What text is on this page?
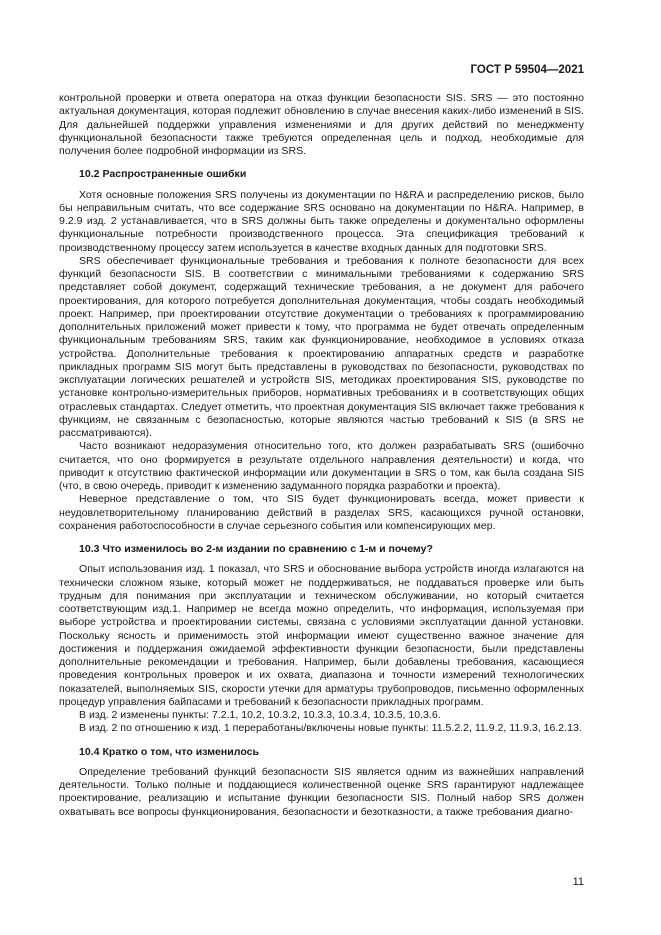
ГОСТ Р 59504—2021

контрольной проверки и ответа оператора на отказ функции безопасности SIS. SRS — это постоянно актуальная документация, которая подлежит обновлению в случае внесения каких-либо изменений в SIS. Для дальнейшей поддержки управления изменениями и для других действий по менеджменту функциональной безопасности также требуются определенная цель и подход, необходимые для получения более подробной информации из SRS.

10.2 Распространенные ошибки

Хотя основные положения SRS получены из документации по H&RA и распределению рисков, было бы неправильным считать, что все содержание SRS основано на документации по H&RA. Например, в 9.2.9 изд. 2 устанавливается, что в SRS должны быть также определены и документально оформлены функциональные потребности производственного процесса. Эта спецификация требований к производственному процессу затем используется в качестве входных данных для подготовки SRS.

SRS обеспечивает функциональные требования и требования к полноте безопасности для всех функций безопасности SIS. В соответствии с минимальными требованиями к содержанию SRS представляет собой документ, содержащий технические требования, а не документ для рабочего проектирования, для которого потребуется дополнительная документация, чтобы создать необходимый проект. Например, при проектировании отсутствие документации о требованиях к программированию дополнительных приложений может привести к тому, что программа не будет отвечать определенным функциональным требованиям SRS, таким как функционирование, необходимое в условиях отказа устройства. Дополнительные требования к проектированию аппаратных средств и разработке прикладных программ SIS могут быть представлены в руководствах по безопасности, руководствах по эксплуатации логических решателей и устройств SIS, методиках проектирования SIS, руководстве по установке контрольно-измерительных приборов, нормативных требованиях и в соответствующих общих отраслевых стандартах. Следует отметить, что проектная документация SIS включает также требования к функциям, не связанным с безопасностью, которые являются частью требований к SIS (в SRS не рассматриваются).

Часто возникают недоразумения относительно того, кто должен разрабатывать SRS (ошибочно считается, что оно формируется в результате отдельного направления деятельности) и когда, что приводит к отсутствию фактической информации или документации в SRS о том, как была создана SIS (что, в свою очередь, приводит к изменению задуманного порядка разработки и проекта).

Неверное представление о том, что SIS будет функционировать всегда, может привести к неудовлетворительному планированию действий в разделах SRS, касающихся ручной остановки, сохранения работоспособности в случае серьезного события или компенсирующих мер.

10.3 Что изменилось во 2-м издании по сравнению с 1-м и почему?

Опыт использования изд. 1 показал, что SRS и обоснование выбора устройств иногда излагаются на технически сложном языке, который может не поддерживаться, не поддаваться проверке или быть трудным для понимания при эксплуатации и техническом обслуживании, но который считается соответствующим изд.1. Например не всегда можно определить, что информация, используемая при выборе устройства и проектировании системы, связана с условиями эксплуатации данной установки. Поскольку ясность и применимость этой информации имеют существенно важное значение для достижения и поддержания ожидаемой эффективности функции безопасности, были представлены дополнительные рекомендации и требования. Например, были добавлены требования, касающиеся проведения контрольных проверок и их охвата, диапазона и точности измерений технологических показателей, выполняемых SIS, скорости утечки для арматуры трубопроводов, письменно оформленных процедур управления байпасами и требований к безопасности прикладных программ.

В изд. 2 изменены пункты: 7.2.1, 10.2, 10.3.2, 10.3.3, 10.3.4, 10.3.5, 10.3.6.

В изд. 2 по отношению к изд. 1 переработаны/включены новые пункты: 11.5.2.2, 11.9.2, 11.9.3, 16.2.13.

10.4 Кратко о том, что изменилось

Определение требований функций безопасности SIS является одним из важнейших направлений деятельности. Только полные и поддающиеся количественной оценке SRS гарантируют надлежащее проектирование, реализацию и испытание функции безопасности SIS. Полный набор SRS должен охватывать все вопросы функционирования, безопасности и безотказности, а также требования диагно-

11
